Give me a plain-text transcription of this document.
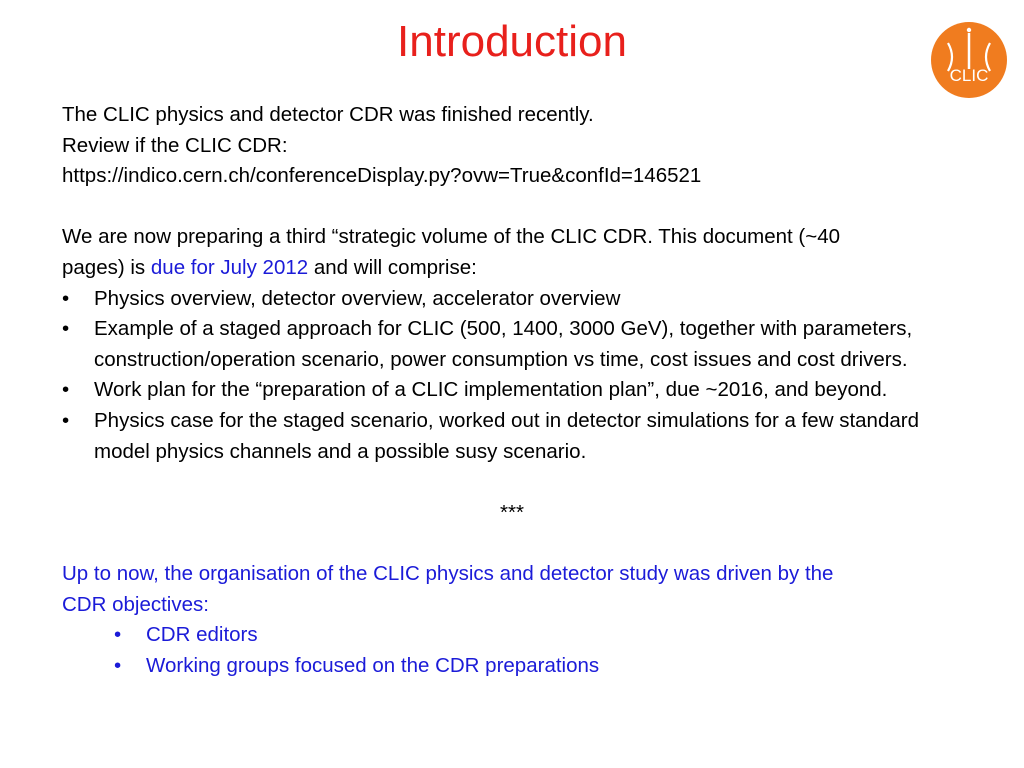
Introduction
CLIC

The CLIC physics and detector CDR was finished recently.

Review if the CLIC CDR:

https://indico.cern.ch/conferenceDisplay.py?ovw=True&confId=146521

We are now preparing a third “strategic volume of the CLIC CDR. This document (~40

pages) is due for July 2012 and will comprise:

• Physics overview, detector overview, accelerator overview
• Example of a staged approach for CLIC (500, 1400, 3000 GeV), together with parameters, construction/operation scenario, power consumption vs time, cost issues and cost drivers.
• Work plan for the “preparation of a CLIC implementation plan”, due ~2016, and beyond.
• Physics case for the staged scenario, worked out in detector simulations for a few standard model physics channels and a possible susy scenario.

***

Up to now, the organisation of the CLIC physics and detector study was driven by the

CDR objectives:

• CDR editors
• Working groups focused on the CDR preparations
